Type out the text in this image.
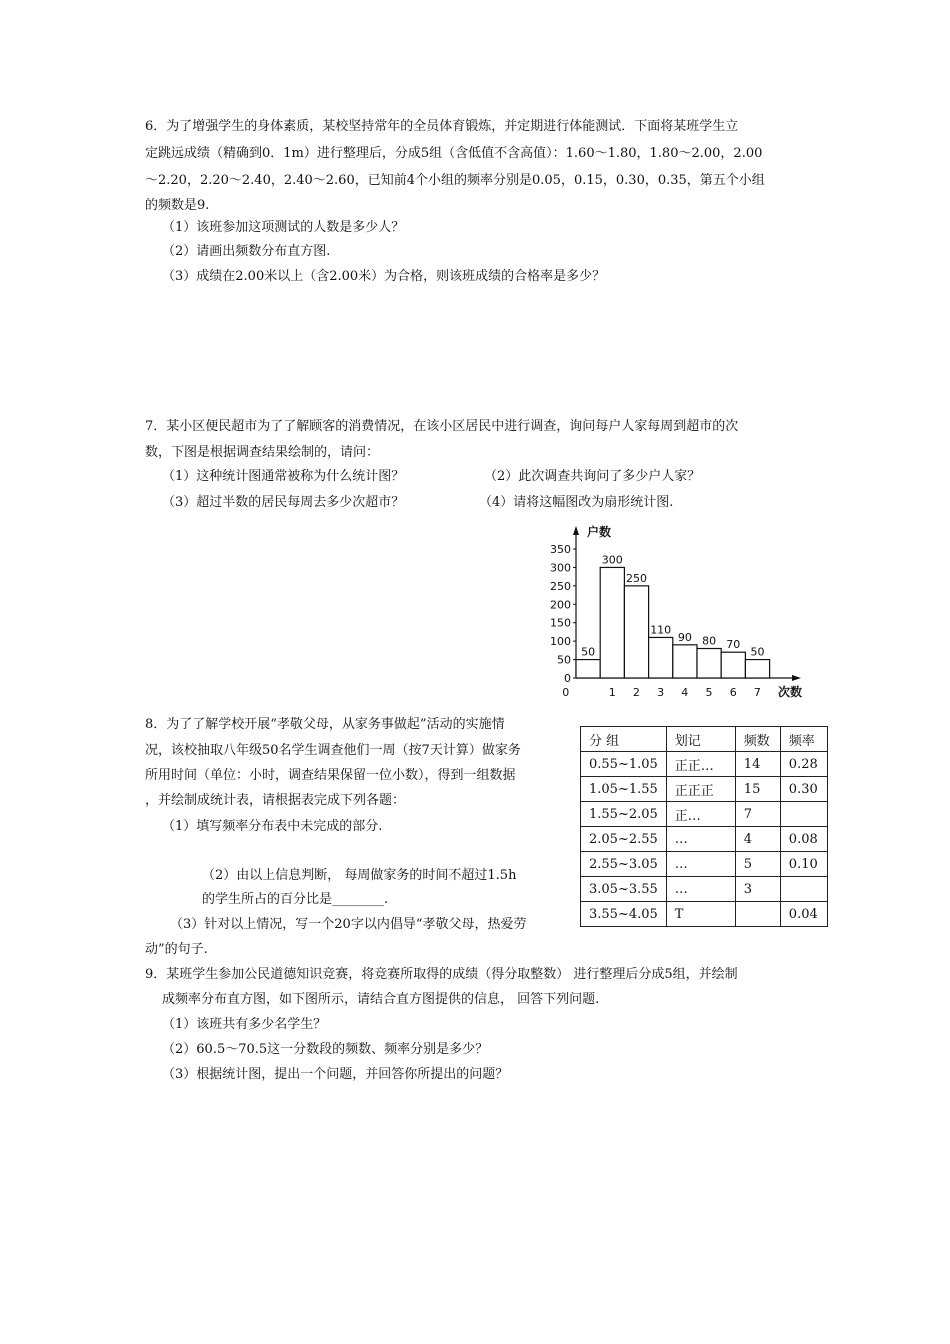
6．为了增强学生的身体素质，某校坚持常年的全员体育锻炼，并定期进行体能测试．下面将某班学生立
定跳远成绩（精确到0．1m）进行整理后，分成5组（含低值不含高值）：1.60～1.80，1.80～2.00，2.00
～2.20，2.20～2.40，2.40～2.60，已知前4个小组的频率分别是0.05，0.15，0.30，0.35，第五个小组
的频数是9.
（1）该班参加这项测试的人数是多少人？
（2）请画出频数分布直方图.
（3）成绩在2.00米以上（含2.00米）为合格，则该班成绩的合格率是多少？
7．某小区便民超市为了了解顾客的消费情况，在该小区居民中进行调查，询问每户人家每周到超市的次
数，下图是根据调查结果绘制的，请问：
（1）这种统计图通常被称为什么统计图？	（2）此次调查共询问了多少户人家？
（3）超过半数的居民每周去多少次超市？	（4）请将这幅图改为扇形统计图.
户数
次数
50
300
250
110
90 80 70
50
0
50
100
150
200
250
300
350
0	1 2 3 4 5 6 7
8．为了了解学校开展“孝敬父母，从家务事做起”活动的实施情
况，该校抽取八年级50名学生调查他们一周（按7天计算）做家务
所用时间（单位：小时，调查结果保留一位小数），得到一组数据
，并绘制成统计表，请根据表完成下列各题：
（1）填写频率分布表中未完成的部分.
（2）由以上信息判断， 每周做家务的时间不超过1.5h
的学生所占的百分比是________.
（3）针对以上情况，写一个20字以内倡导“孝敬父母，热爱劳
动”的句子.
分 组	划记	频数	频率
0.55~1.05	正正…	14	0.28
1.05~1.55	正正正	15	0.30
1.55~2.05	正…	7	
2.05~2.55	…	4	0.08
2.55~3.05	…	5	0.10
3.05~3.55	…	3	
3.55~4.05	T		0.04
9．某班学生参加公民道德知识竞赛，将竞赛所取得的成绩（得分取整数） 进行整理后分成5组，并绘制
成频率分布直方图，如下图所示，请结合直方图提供的信息， 回答下列问题.
（1）该班共有多少名学生？
（2）60.5～70.5这一分数段的频数、频率分别是多少？
（3）根据统计图，提出一个问题，并回答你所提出的问题？
